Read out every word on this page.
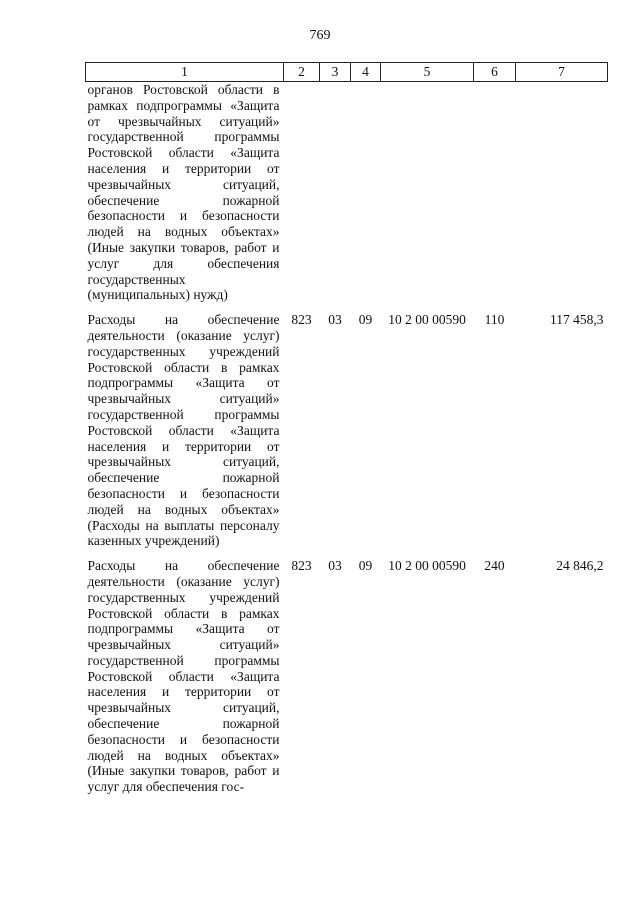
769
1	2	3	4	5	6	7
органов Ростовской области в рамках подпрограммы «Защита от чрезвычайных ситуаций» государственной программы Ростовской области «Защита населения и территории от чрезвычайных ситуаций, обеспечение пожарной безопасности и безопасности людей на водных объектах» (Иные закупки товаров, работ и услуг для обеспечения государственных (муниципальных) нужд)						
Расходы на обеспечение деятельности (оказание услуг) государственных учреждений Ростовской области в рамках подпрограммы «Защита от чрезвычайных ситуаций» государственной программы Ростовской области «Защита населения и территории от чрезвычайных ситуаций, обеспечение пожарной безопасности и безопасности людей на водных объектах» (Расходы на выплаты персоналу казенных учреждений)	823	03	09	10 2 00 00590	110	117 458,3
Расходы на обеспечение деятельности (оказание услуг) государственных учреждений Ростовской области в рамках подпрограммы «Защита от чрезвычайных ситуаций» государственной программы Ростовской области «Защита населения и территории от чрезвычайных ситуаций, обеспечение пожарной безопасности и безопасности людей на водных объектах» (Иные закупки товаров, работ и услуг для обеспечения гос-	823	03	09	10 2 00 00590	240	24 846,2
